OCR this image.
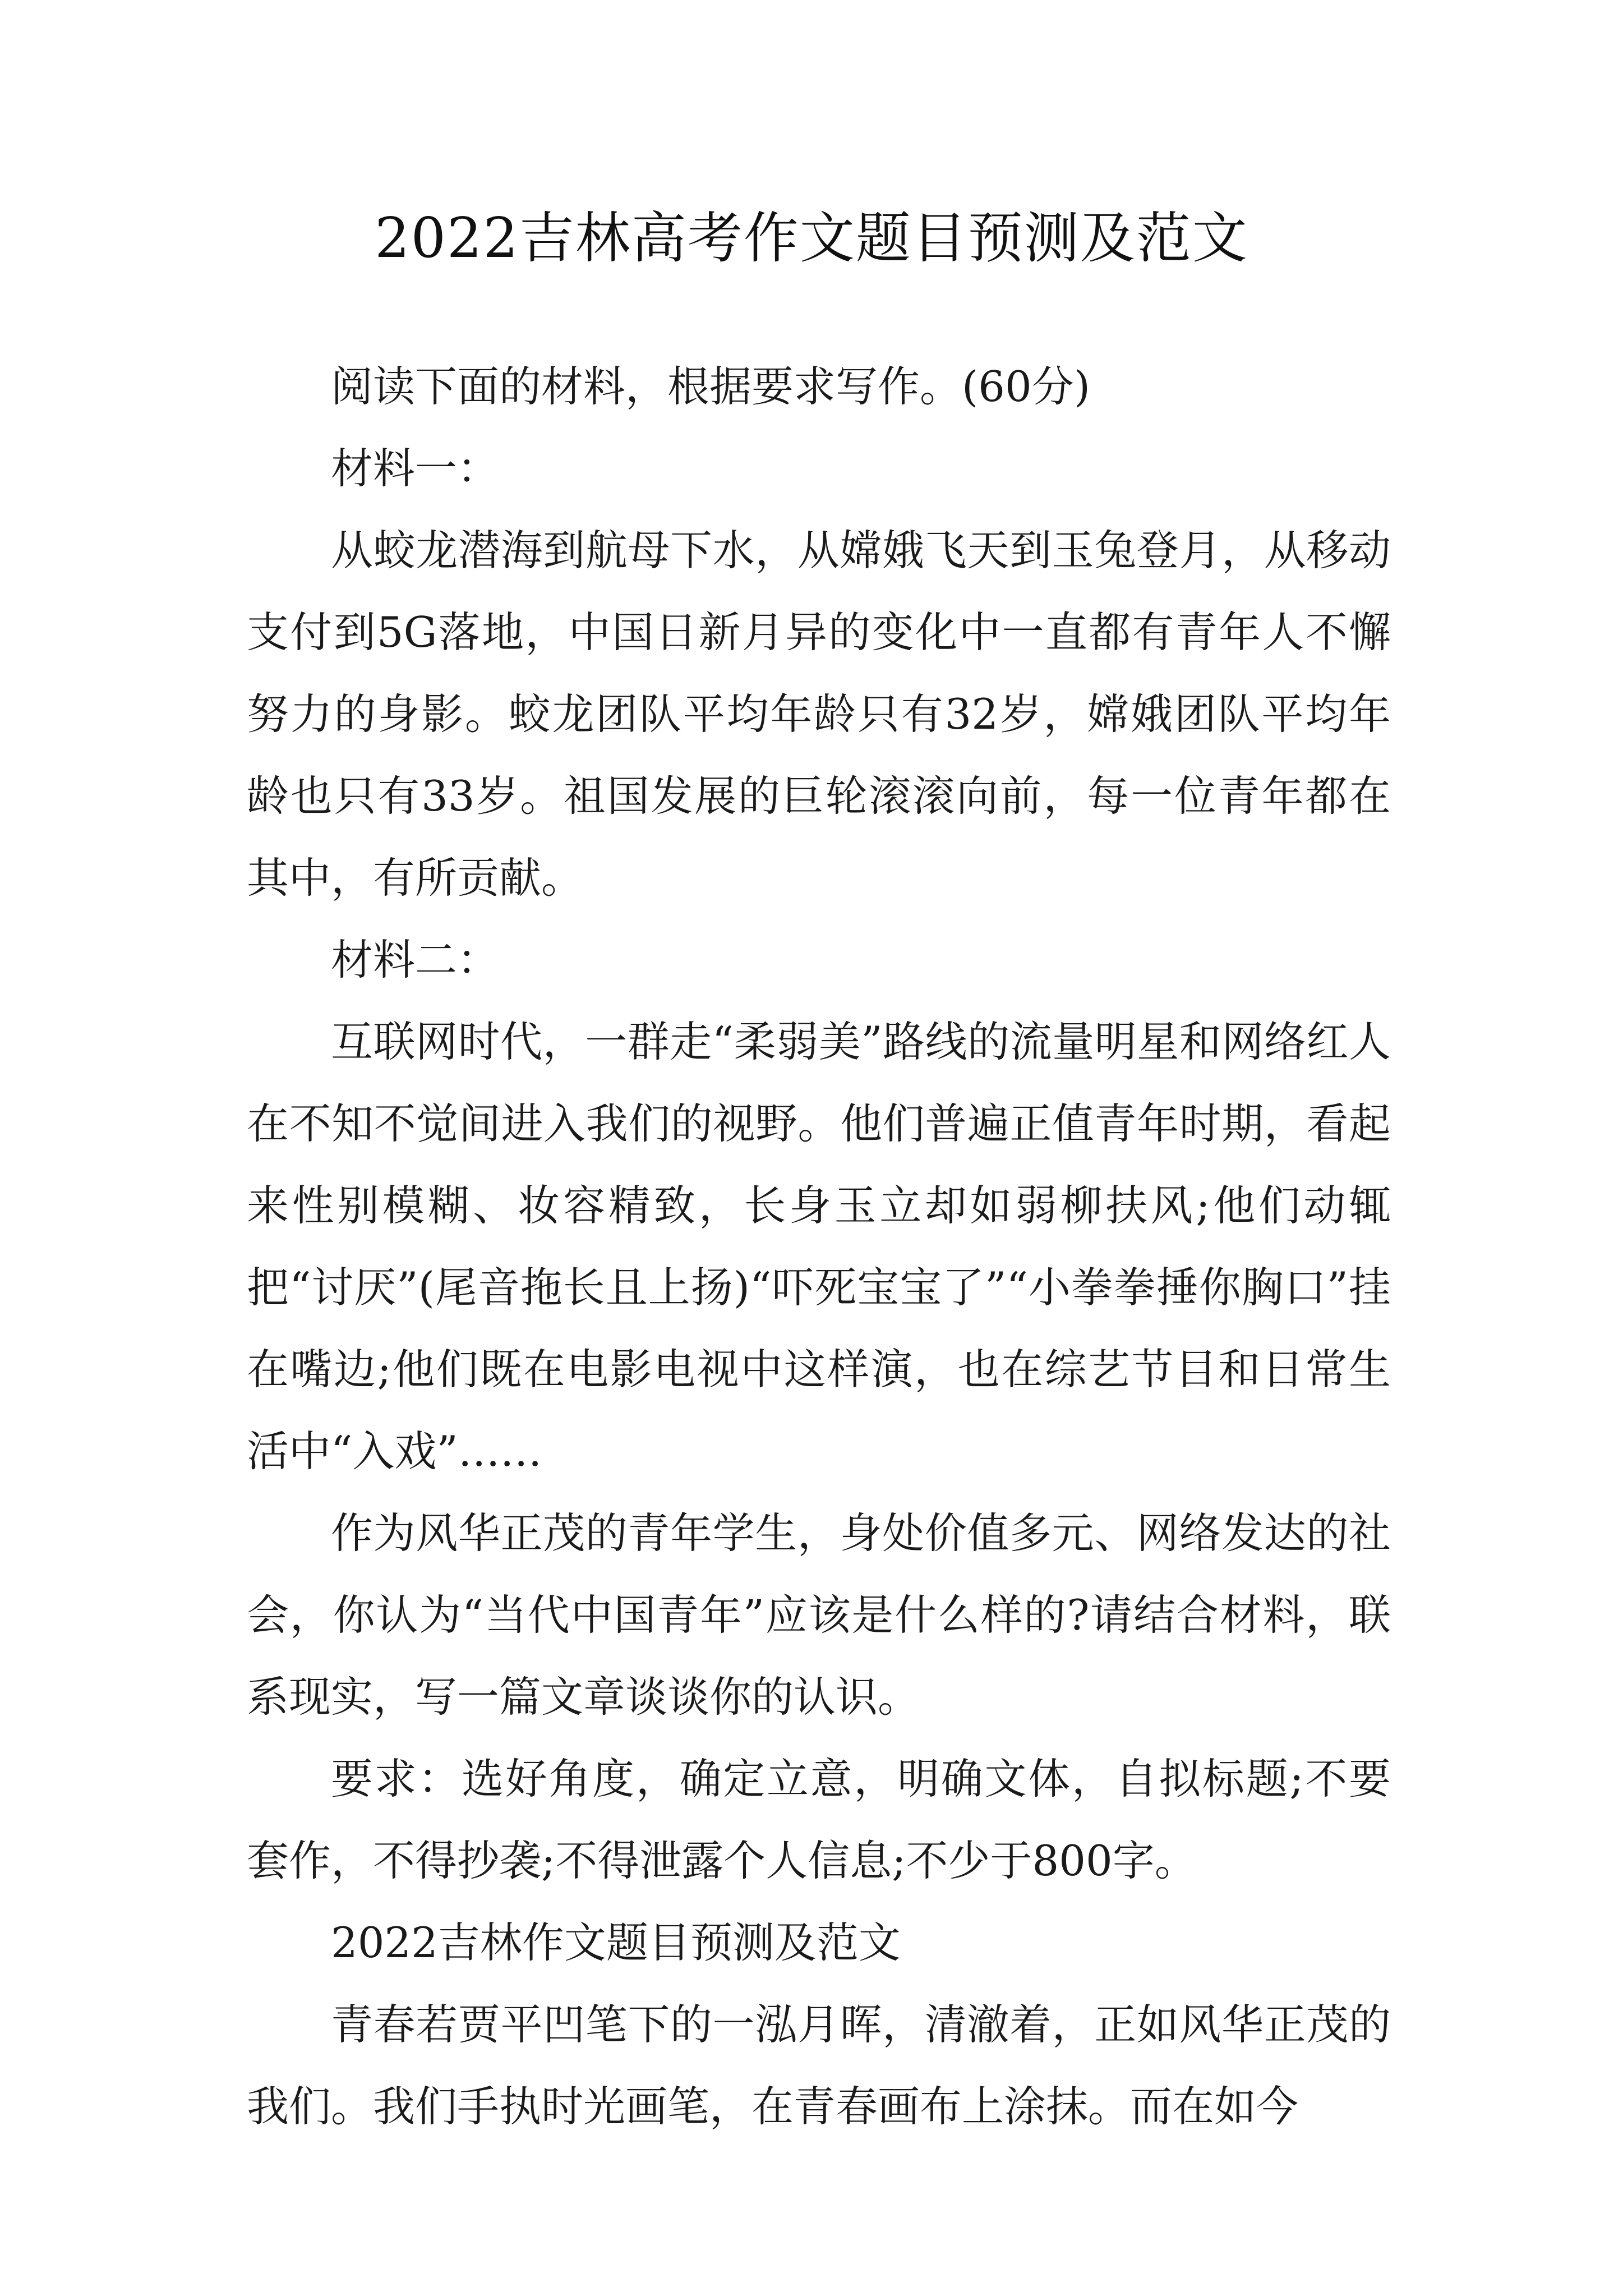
2022吉林高考作文题目预测及范文

阅读下面的材料，根据要求写作。(60分)

材料一：

从蛟龙潜海到航母下水，从嫦娥飞天到玉兔登月，从移动支付到5G落地，中国日新月异的变化中一直都有青年人不懈努力的身影。蛟龙团队平均年龄只有32岁，嫦娥团队平均年龄也只有33岁。祖国发展的巨轮滚滚向前，每一位青年都在其中，有所贡献。

材料二：

互联网时代，一群走“柔弱美”路线的流量明星和网络红人在不知不觉间进入我们的视野。他们普遍正值青年时期，看起来性别模糊、妆容精致，长身玉立却如弱柳扶风;他们动辄把“讨厌”(尾音拖长且上扬)“吓死宝宝了”“小拳拳捶你胸口”挂在嘴边;他们既在电影电视中这样演，也在综艺节目和日常生活中“入戏”……

作为风华正茂的青年学生，身处价值多元、网络发达的社会，你认为“当代中国青年”应该是什么样的?请结合材料，联系现实，写一篇文章谈谈你的认识。

要求：选好角度，确定立意，明确文体，自拟标题;不要套作，不得抄袭;不得泄露个人信息;不少于800字。

2022吉林作文题目预测及范文

青春若贾平凹笔下的一泓月晖，清澈着，正如风华正茂的我们。我们手执时光画笔，在青春画布上涂抹。而在如今
